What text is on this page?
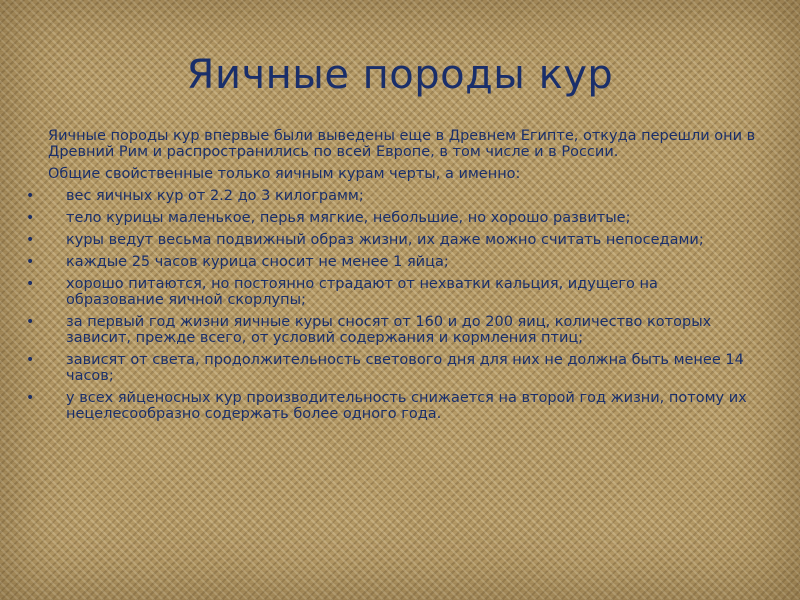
Яичные породы кур

Яичные породы кур впервые были выведены еще в Древнем Египте, откуда перешли они в Древний Рим и распространились по всей Европе, в том числе и в России.

Общие свойственные только яичным курам черты, а именно:

• вес яичных кур от 2.2 до 3 килограмм;
• тело курицы маленькое, перья мягкие, небольшие, но хорошо развитые;
• куры ведут весьма подвижный образ жизни, их даже можно считать непоседами;
• каждые 25 часов курица сносит не менее 1 яйца;
• хорошо питаются, но постоянно страдают от нехватки кальция, идущего на образование яичной скорлупы;
• за первый год жизни яичные куры сносят от 160 и до 200 яиц, количество которых зависит, прежде всего, от условий содержания и кормления птиц;
• зависят от света, продолжительность светового дня для них не должна быть менее 14 часов;
• у всех яйценосных кур производительность снижается на второй год жизни, потому их нецелесообразно содержать более одного года.
